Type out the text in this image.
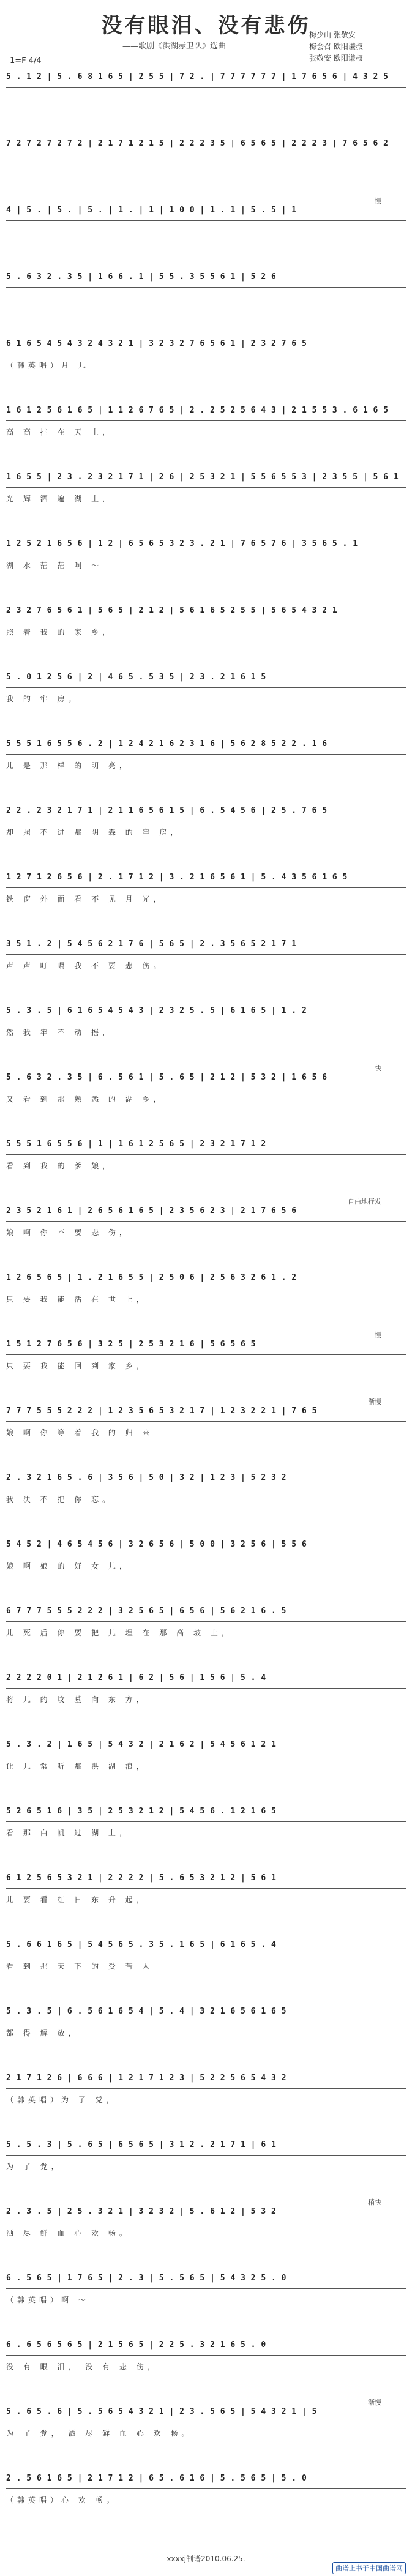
没有眼泪、没有悲伤
——歌剧《洪湖赤卫队》选曲
梅少山 张敬安
梅会召 欧阳谦叔
张敬安 欧阳谦叔
1=F 4/4
5 . 1 2 | 5 . 6 8 1 6 5 | 2 5 5 | 7 2 . | 7 7 7 7 7 7 | 1 7 6 5 6 | 4 3 2 5
7 2 7 2 7 2 7 2 | 2 1 7 1 2 1 5 | 2 2 2 3 5 | 6 5 6 5 | 2 2 2 3 | 7 6 5 6 2
4 | 5 . | 5 . | 5 . | 1 . | 1 | 1 0 0 | 1 . 1 | 5 . 5 | 1
慢
5 . 6 3 2 . 3 5 | 1 6 6 . 1 | 5 5 . 3 5 5 6 1 | 5 2 6
6 1 6 5 4 5 4 3 2 4 3 2 1 | 3 2 3 2 7 6 5 6 1 | 2 3 2 7 6 5
（韩英唱）月 儿
1 6 1 2 5 6 1 6 5 | 1 1 2 6 7 6 5 | 2 . 2 5 2 5 6 4 3 | 2 1 5 5 3 . 6 1 6 5
高 高 挂 在 天 上，
1 6 5 5 | 2 3 . 2 3 2 1 7 1 | 2 6 | 2 5 3 2 1 | 5 5 6 5 5 3 | 2 3 5 5 | 5 6 1
光 辉 洒 遍 湖 上，
1 2 5 2 1 6 5 6 | 1 2 | 6 5 6 5 3 2 3 . 2 1 | 7 6 5 7 6 | 3 5 6 5 . 1
湖 水 茫 茫 啊 ～
2 3 2 7 6 5 6 1 | 5 6 5 | 2 1 2 | 5 6 1 6 5 2 5 5 | 5 6 5 4 3 2 1
照 着 我 的 家 乡，
5 . 0 1 2 5 6 | 2 | 4 6 5 . 5 3 5 | 2 3 . 2 1 6 1 5
我 的 牢 房。
5 5 5 1 6 5 5 6 . 2 | 1 2 4 2 1 6 2 3 1 6 | 5 6 2 8 5 2 2 . 1 6
儿 是 那 样 的 明 亮，
2 2 . 2 3 2 1 7 1 | 2 1 1 6 5 6 1 5 | 6 . 5 4 5 6 | 2 5 . 7 6 5
却 照 不 进 那 阴 森 的 牢 房，
1 2 7 1 2 6 5 6 | 2 . 1 7 1 2 | 3 . 2 1 6 5 6 1 | 5 . 4 3 5 6 1 6 5
铁 窗 外 面 看 不 见 月 光，
3 5 1 . 2 | 5 4 5 6 2 1 7 6 | 5 6 5 | 2 . 3 5 6 5 2 1 7 1
声 声 叮 嘱 我 不 要 悲 伤。
5 . 3 . 5 | 6 1 6 5 4 5 4 3 | 2 3 2 5 . 5 | 6 1 6 5 | 1 . 2
然 我 牢 不 动 摇，
5 . 6 3 2 . 3 5 | 6 . 5 6 1 | 5 . 6 5 | 2 1 2 | 5 3 2 | 1 6 5 6
又 看 到 那 熟 悉 的 湖 乡，
快
5 5 5 1 6 5 5 6 | 1 | 1 6 1 2 5 6 5 | 2 3 2 1 7 1 2
看 到 我 的 爹 娘，
2 3 5 2 1 6 1 | 2 6 5 6 1 6 5 | 2 3 5 6 2 3 | 2 1 7 6 5 6
娘 啊 你 不 要 悲 伤，
自由地抒发
1 2 6 5 6 5 | 1 . 2 1 6 5 5 | 2 5 0 6 | 2 5 6 3 2 6 1 . 2
只 要 我 能 活 在 世 上，
1 5 1 2 7 6 5 6 | 3 2 5 | 2 5 3 2 1 6 | 5 6 5 6 5
只 要 我 能 回 到 家 乡，
慢
7 7 7 5 5 5 2 2 2 | 1 2 3 5 6 5 3 2 1 7 | 1 2 3 2 2 1 | 7 6 5
娘 啊 你 等 着 我 的 归 来
渐慢
2 . 3 2 1 6 5 . 6 | 3 5 6 | 5 0 | 3 2 | 1 2 3 | 5 2 3 2
我 决 不 把 你 忘。
5 4 5 2 | 4 6 5 4 5 6 | 3 2 6 5 6 | 5 0 0 | 3 2 5 6 | 5 5 6
娘 啊 娘 的 好 女 儿，
6 7 7 7 5 5 5 2 2 2 | 3 2 5 6 5 | 6 5 6 | 5 6 2 1 6 . 5
儿 死 后 你 要 把 儿 埋 在 那 高 坡 上，
2 2 2 2 0 1 | 2 1 2 6 1 | 6 2 | 5 6 | 1 5 6 | 5 . 4
将 儿 的 坟 墓 向 东 方，
5 . 3 . 2 | 1 6 5 | 5 4 3 2 | 2 1 6 2 | 5 4 5 6 1 2 1
让 儿 常 听 那 洪 湖 浪，
5 2 6 5 1 6 | 3 5 | 2 5 3 2 1 2 | 5 4 5 6 . 1 2 1 6 5
看 那 白 帆 过 湖 上，
6 1 2 5 6 5 3 2 1 | 2 2 2 2 | 5 . 6 5 3 2 1 2 | 5 6 1
儿 要 看 红 日 东 升 起，
5 . 6 6 1 6 5 | 5 4 5 6 5 . 3 5 . 1 6 5 | 6 1 6 5 . 4
看 到 那 天 下 的 受 苦 人
5 . 3 . 5 | 6 . 5 6 1 6 5 4 | 5 . 4 | 3 2 1 6 5 6 1 6 5
都 得 解 放，
2 1 7 1 2 6 | 6 6 6 | 1 2 1 7 1 2 3 | 5 2 2 5 6 5 4 3 2
（韩英唱）为 了 党，
5 . 5 . 3 | 5 . 6 5 | 6 5 6 5 | 3 1 2 . 2 1 7 1 | 6 1
为 了 党，
2 . 3 . 5 | 2 5 . 3 2 1 | 3 2 3 2 | 5 . 6 1 2 | 5 3 2
洒 尽 鲜 血 心 欢 畅。
稍快
6 . 5 6 5 | 1 7 6 5 | 2 . 3 | 5 . 5 6 5 | 5 4 3 2 5 . 0
（韩英唱）啊 ～
6 . 6 5 6 5 6 5 | 2 1 5 6 5 | 2 2 5 . 3 2 1 6 5 . 0
没 有 眼 泪， 没 有 悲 伤，
5 . 6 5 . 6 | 5 . 5 6 5 4 3 2 1 | 2 3 . 5 6 5 | 5 4 3 2 1 | 5
为 了 党， 洒 尽 鲜 血 心 欢 畅。
渐慢
2 . 5 6 1 6 5 | 2 1 7 1 2 | 6 5 . 6 1 6 | 5 . 5 6 5 | 5 . 0
（韩英唱）心 欢 畅。
xxxxj制谱2010.06.25.
曲谱上书于中国曲谱网
